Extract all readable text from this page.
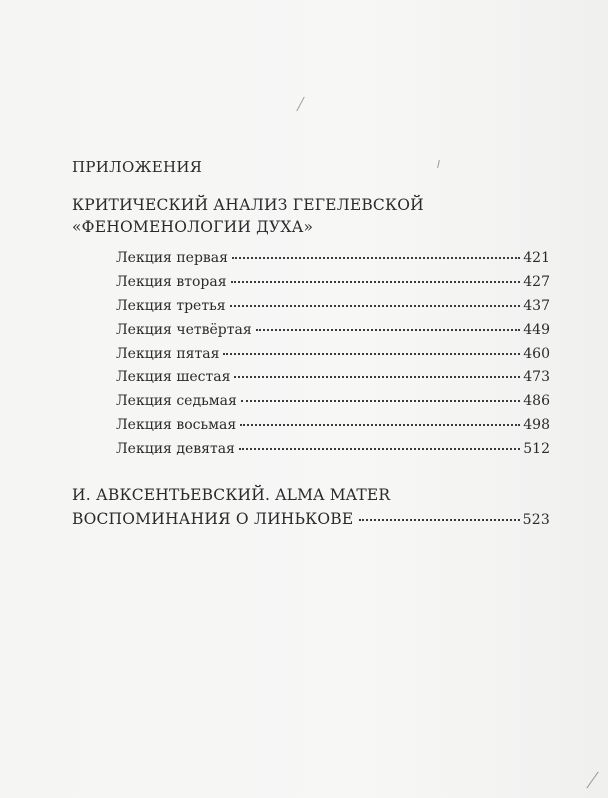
ПРИЛОЖЕНИЯ
КРИТИЧЕСКИЙ АНАЛИЗ ГЕГЕЛЕВСКОЙ
«ФЕНОМЕНОЛОГИИ ДУХА»
Лекция первая	421
Лекция вторая	427
Лекция третья	437
Лекция четвёртая	449
Лекция пятая	460
Лекция шестая	473
Лекция седьмая	486
Лекция восьмая	498
Лекция девятая	512
И. АВКСЕНТЬЕВСКИЙ. ALMA MATER
ВОСПОМИНАНИЯ О ЛИНЬКОВЕ	523
